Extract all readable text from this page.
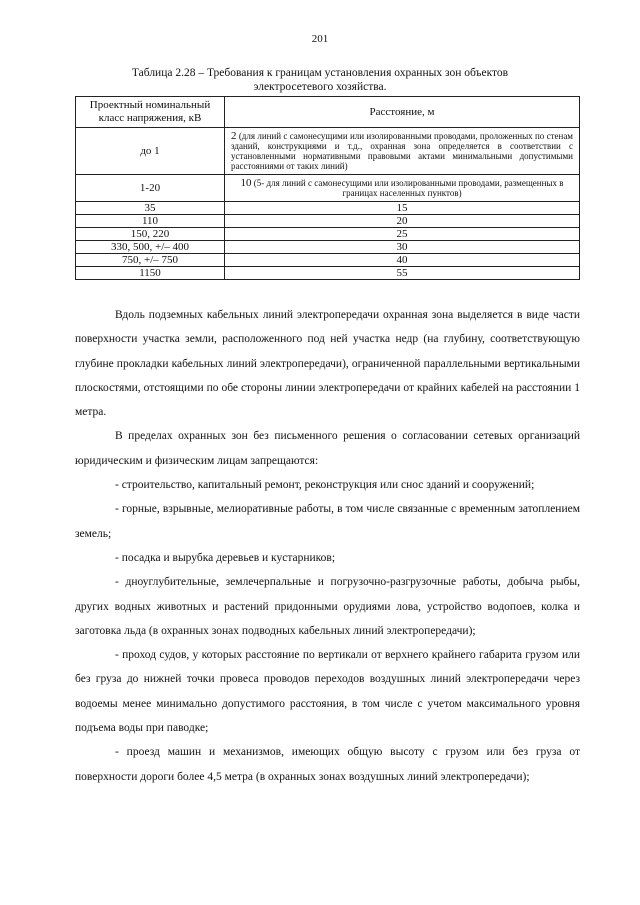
201
Таблица 2.28 – Требования к границам установления охранных зон объектов
электросетевого хозяйства.
Проектный номинальный класс напряжения, кВ	Расстояние, м
до 1	2 (для линий с самонесущими или изолированными проводами, проложенных по стенам зданий, конструкциями и т.д., охранная зона определяется в соответствии с установленными нормативными правовыми актами минимальными допустимыми расстояниями от таких линий)
1-20	10 (5- для линий с самонесущими или изолированными проводами, размещенных в границах населенных пунктов)
35	15
110	20
150, 220	25
330, 500, +/– 400	30
750, +/– 750	40
1150	55

Вдоль подземных кабельных линий электропередачи охранная зона выделяется в виде части поверхности участка земли, расположенного под ней участка недр (на глубину, соответствующую глубине прокладки кабельных линий электропередачи), ограниченной параллельными вертикальными плоскостями, отстоящими по обе стороны линии электропередачи от крайних кабелей на расстоянии 1 метра.

В пределах охранных зон без письменного решения о согласовании сетевых организаций юридическим и физическим лицам запрещаются:

- строительство, капитальный ремонт, реконструкция или снос зданий и сооружений;

- горные, взрывные, мелиоративные работы, в том числе связанные с временным затоплением земель;

- посадка и вырубка деревьев и кустарников;

- дноуглубительные, землечерпальные и погрузочно-разгрузочные работы, добыча рыбы, других водных животных и растений придонными орудиями лова, устройство водопоев, колка и заготовка льда (в охранных зонах подводных кабельных линий электропередачи);

- проход судов, у которых расстояние по вертикали от верхнего крайнего габарита грузом или без груза до нижней точки провеса проводов переходов воздушных линий электропередачи через водоемы менее минимально допустимого расстояния, в том числе с учетом максимального уровня подъема воды при паводке;

- проезд машин и механизмов, имеющих общую высоту с грузом или без груза от поверхности дороги более 4,5 метра (в охранных зонах воздушных линий электропередачи);
